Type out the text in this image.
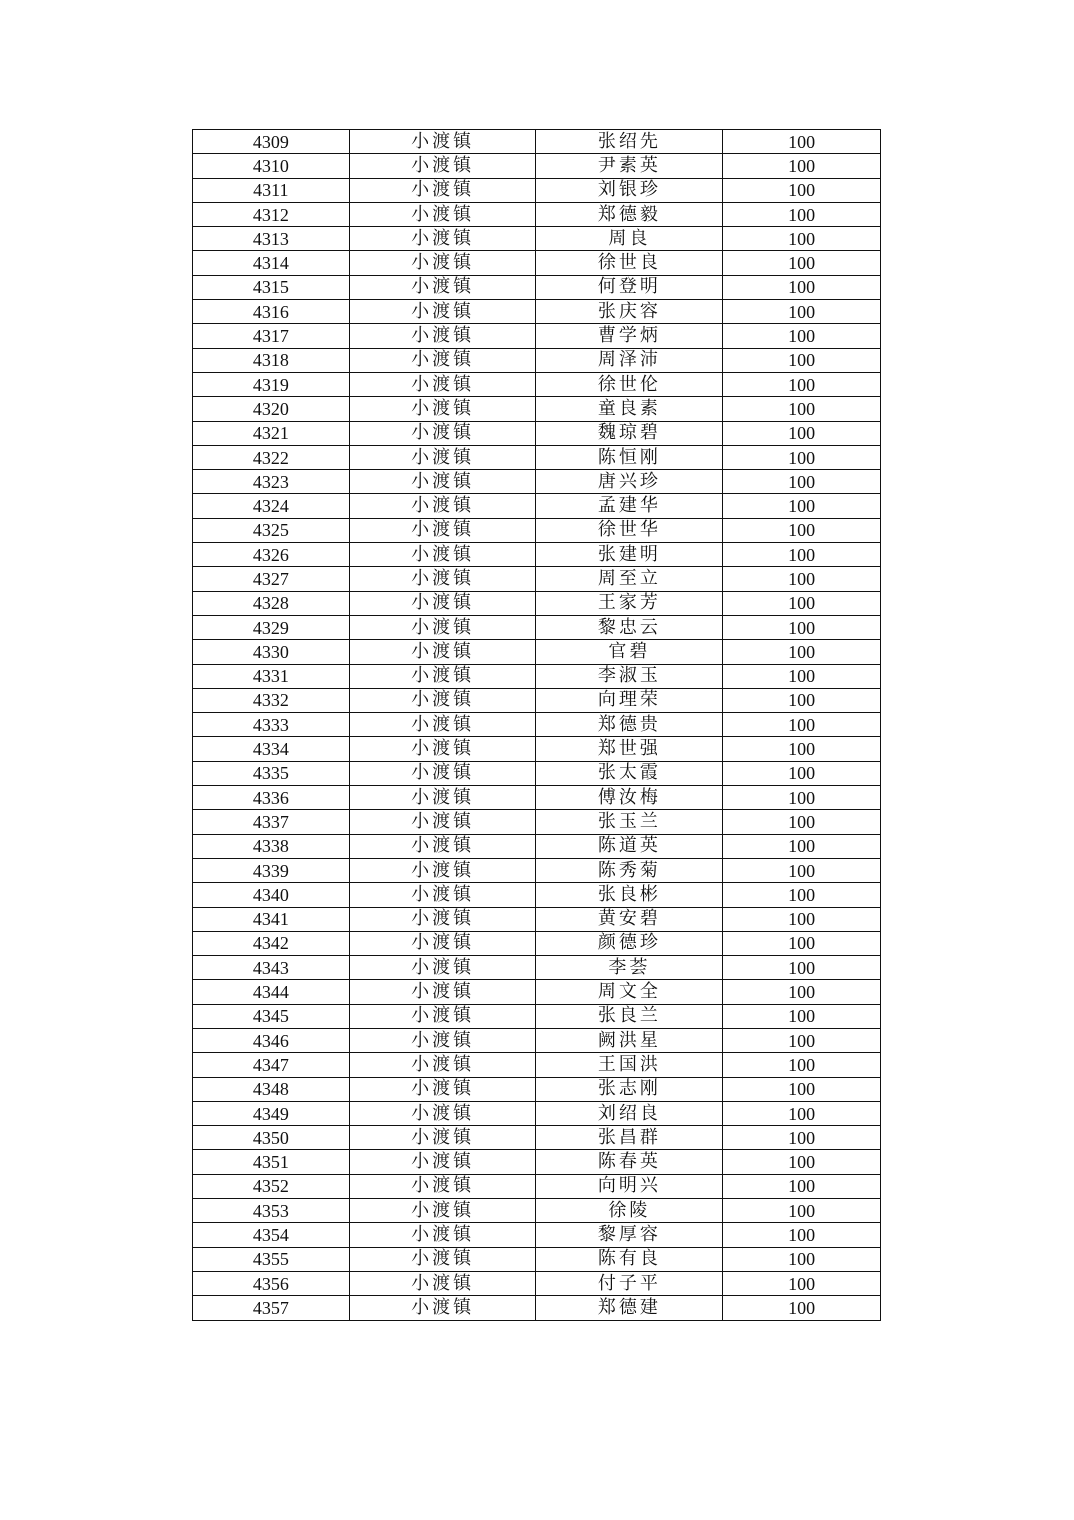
4309	小渡镇	张绍先	100
4310	小渡镇	尹素英	100
4311	小渡镇	刘银珍	100
4312	小渡镇	郑德毅	100
4313	小渡镇	周良	100
4314	小渡镇	徐世良	100
4315	小渡镇	何登明	100
4316	小渡镇	张庆容	100
4317	小渡镇	曹学炳	100
4318	小渡镇	周泽沛	100
4319	小渡镇	徐世伦	100
4320	小渡镇	童良素	100
4321	小渡镇	魏琼碧	100
4322	小渡镇	陈恒刚	100
4323	小渡镇	唐兴珍	100
4324	小渡镇	孟建华	100
4325	小渡镇	徐世华	100
4326	小渡镇	张建明	100
4327	小渡镇	周至立	100
4328	小渡镇	王家芳	100
4329	小渡镇	黎忠云	100
4330	小渡镇	官碧	100
4331	小渡镇	李淑玉	100
4332	小渡镇	向理荣	100
4333	小渡镇	郑德贵	100
4334	小渡镇	郑世强	100
4335	小渡镇	张太霞	100
4336	小渡镇	傅汝梅	100
4337	小渡镇	张玉兰	100
4338	小渡镇	陈道英	100
4339	小渡镇	陈秀菊	100
4340	小渡镇	张良彬	100
4341	小渡镇	黄安碧	100
4342	小渡镇	颜德珍	100
4343	小渡镇	李荟	100
4344	小渡镇	周文全	100
4345	小渡镇	张良兰	100
4346	小渡镇	阙洪星	100
4347	小渡镇	王国洪	100
4348	小渡镇	张志刚	100
4349	小渡镇	刘绍良	100
4350	小渡镇	张昌群	100
4351	小渡镇	陈春英	100
4352	小渡镇	向明兴	100
4353	小渡镇	徐陵	100
4354	小渡镇	黎厚容	100
4355	小渡镇	陈有良	100
4356	小渡镇	付子平	100
4357	小渡镇	郑德建	100
